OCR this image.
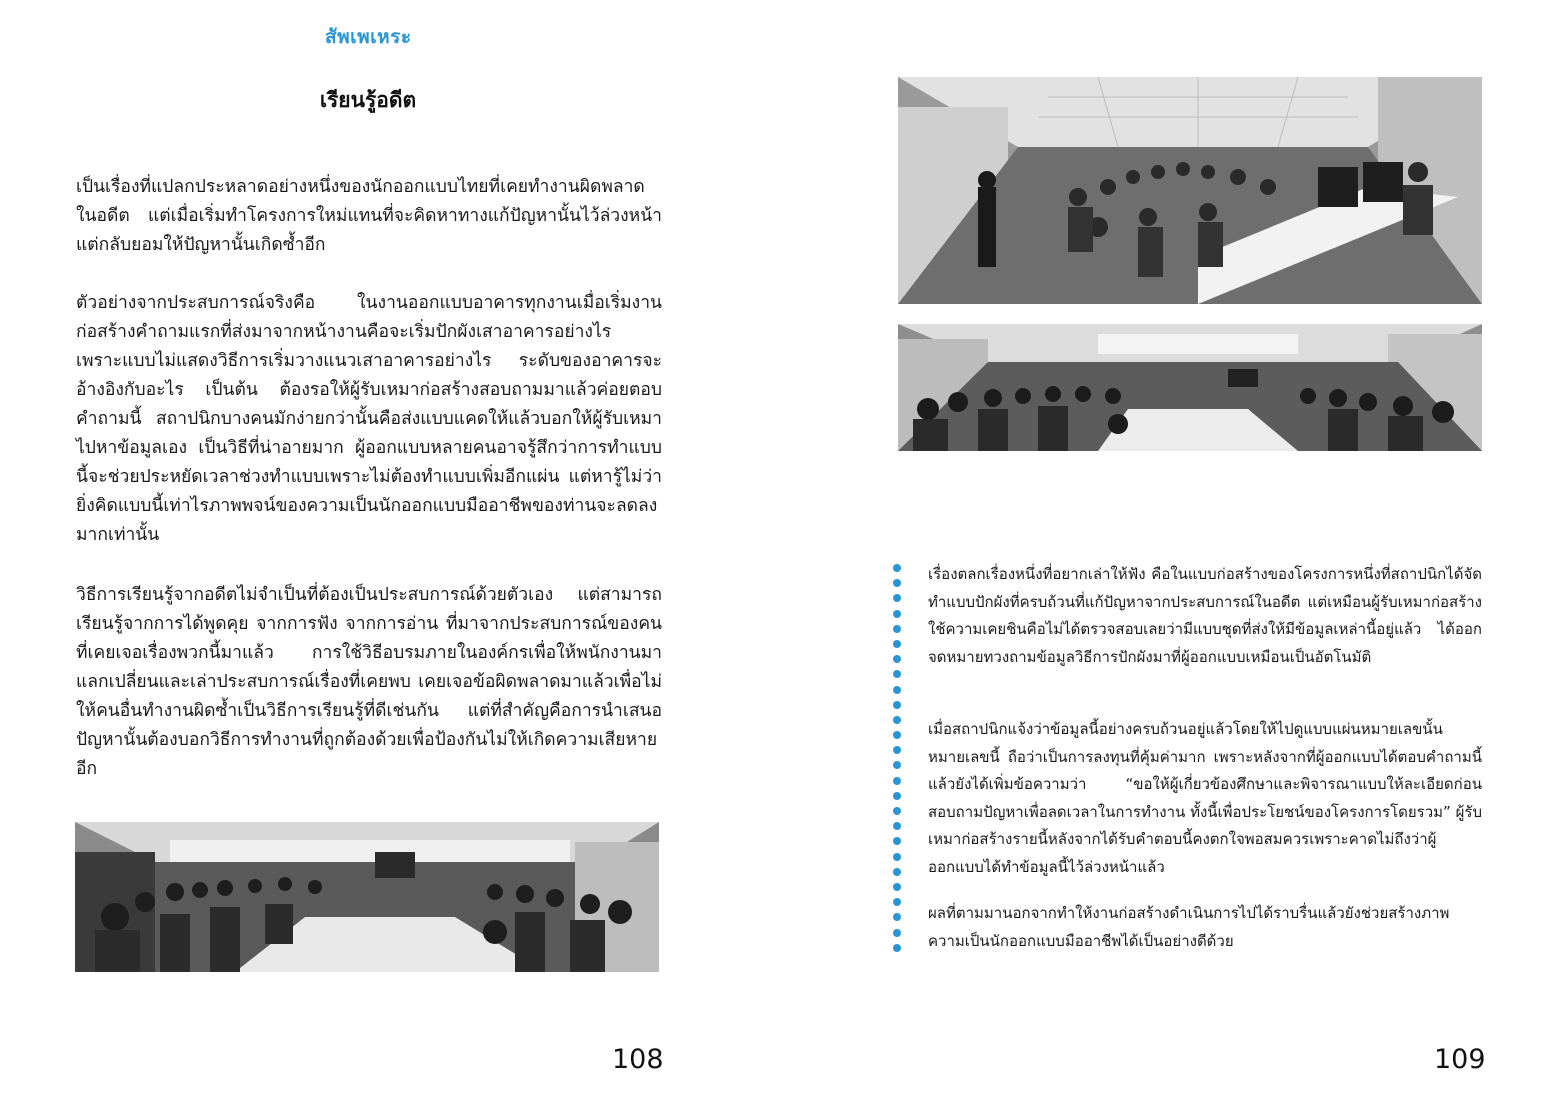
สัพเพเหระ
เรียนรู้อดีต
เป็นเรื่องที่แปลกประหลาดอย่างหนึ่งของนักออกแบบไทยที่เคยทำงานผิดพลาดในอดีต แต่เมื่อเริ่มทำโครงการใหม่แทนที่จะคิดหาทางแก้ปัญหานั้นไว้ล่วงหน้า แต่กลับยอมให้ปัญหานั้นเกิดซ้ำอีก
ตัวอย่างจากประสบการณ์จริงคือ ในงานออกแบบอาคารทุกงานเมื่อเริ่มงานก่อสร้างคำถามแรกที่ส่งมาจากหน้างานคือจะเริ่มปักผังเสาอาคารอย่างไร เพราะแบบไม่แสดงวิธีการเริ่มวางแนวเสาอาคารอย่างไร ระดับของอาคารจะอ้างอิงกับอะไร เป็นต้น ต้องรอให้ผู้รับเหมาก่อสร้างสอบถามมาแล้วค่อยตอบคำถามนี้ สถาปนิกบางคนมักง่ายกว่านั้นคือส่งแบบแคดให้แล้วบอกให้ผู้รับเหมาไปหาข้อมูลเอง เป็นวิธีที่น่าอายมาก ผู้ออกแบบหลายคนอาจรู้สึกว่าการทำแบบนี้จะช่วยประหยัดเวลาช่วงทำแบบเพราะไม่ต้องทำแบบเพิ่มอีกแผ่น แต่หารู้ไม่ว่ายิ่งคิดแบบนี้เท่าไรภาพพจน์ของความเป็นนักออกแบบมืออาชีพของท่านจะลดลงมากเท่านั้น
วิธีการเรียนรู้จากอดีตไม่จำเป็นที่ต้องเป็นประสบการณ์ด้วยตัวเอง แต่สามารถเรียนรู้จากการได้พูดคุย จากการฟัง จากการอ่าน ที่มาจากประสบการณ์ของคนที่เคยเจอเรื่องพวกนี้มาแล้ว การใช้วิธีอบรมภายในองค์กรเพื่อให้พนักงานมาแลกเปลี่ยนและเล่าประสบการณ์เรื่องที่เคยพบ เคยเจอข้อผิดพลาดมาแล้วเพื่อไม่ให้คนอื่นทำงานผิดซ้ำเป็นวิธีการเรียนรู้ที่ดีเช่นกัน แต่ที่สำคัญคือการนำเสนอปัญหานั้นต้องบอกวิธีการทำงานที่ถูกต้องด้วยเพื่อป้องกันไม่ให้เกิดความเสียหายอีก
108
เรื่องตลกเรื่องหนึ่งที่อยากเล่าให้ฟัง คือในแบบก่อสร้างของโครงการหนึ่งที่สถาปนิกได้จัดทำแบบปักผังที่ครบถ้วนที่แก้ปัญหาจากประสบการณ์ในอดีต แต่เหมือนผู้รับเหมาก่อสร้างใช้ความเคยชินคือไม่ได้ตรวจสอบเลยว่ามีแบบชุดที่ส่งให้มีข้อมูลเหล่านี้อยู่แล้ว ได้ออกจดหมายทวงถามข้อมูลวิธีการปักผังมาที่ผู้ออกแบบเหมือนเป็นอัตโนมัติ
เมื่อสถาปนิกแจ้งว่าข้อมูลนี้อย่างครบถ้วนอยู่แล้วโดยให้ไปดูแบบแผ่นหมายเลขนั้นหมายเลขนี้ ถือว่าเป็นการลงทุนที่คุ้มค่ามาก เพราะหลังจากที่ผู้ออกแบบได้ตอบคำถามนี้แล้วยังได้เพิ่มข้อความว่า “ขอให้ผู้เกี่ยวข้องศึกษาและพิจารณาแบบให้ละเอียดก่อนสอบถามปัญหาเพื่อลดเวลาในการทำงาน ทั้งนี้เพื่อประโยชน์ของโครงการโดยรวม” ผู้รับเหมาก่อสร้างรายนี้หลังจากได้รับคำตอบนี้คงตกใจพอสมควรเพราะคาดไม่ถึงว่าผู้ออกแบบได้ทำข้อมูลนี้ไว้ล่วงหน้าแล้ว
ผลที่ตามมานอกจากทำให้งานก่อสร้างดำเนินการไปได้ราบรื่นแล้วยังช่วยสร้างภาพความเป็นนักออกแบบมืออาชีพได้เป็นอย่างดีด้วย
109
